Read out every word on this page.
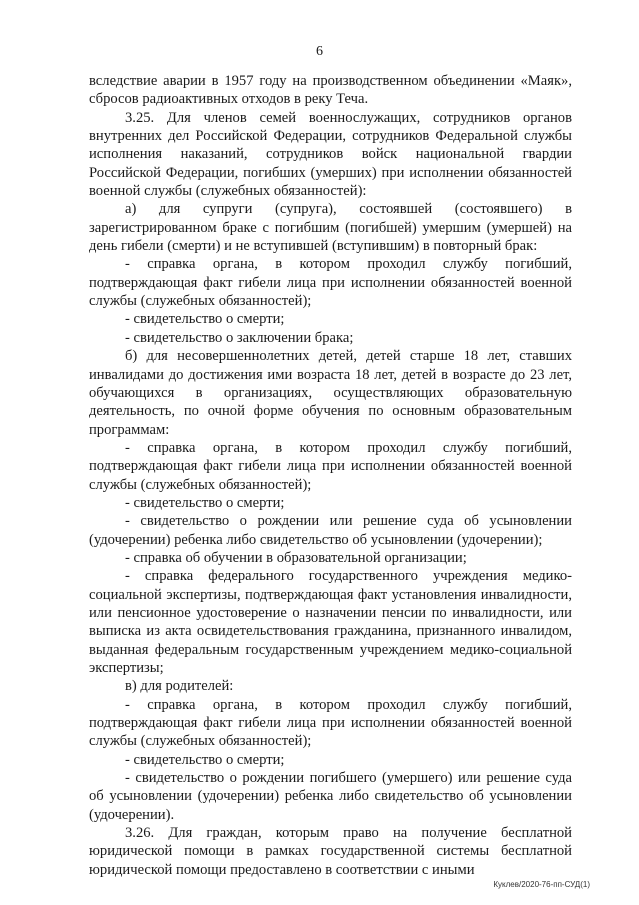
6

вследствие аварии в 1957 году на производственном объединении «Маяк», сбросов радиоактивных отходов в реку Теча.

3.25. Для членов семей военнослужащих, сотрудников органов внутренних дел Российской Федерации, сотрудников Федеральной службы исполнения наказаний, сотрудников войск национальной гвардии Российской Федерации, погибших (умерших) при исполнении обязанностей военной службы (служебных обязанностей):

а) для супруги (супруга), состоявшей (состоявшего) в зарегистрированном браке с погибшим (погибшей) умершим (умершей) на день гибели (смерти) и не вступившей (вступившим) в повторный брак:

- справка органа, в котором проходил службу погибший, подтверждающая факт гибели лица при исполнении обязанностей военной службы (служебных обязанностей);

- свидетельство о смерти;

- свидетельство о заключении брака;

б) для несовершеннолетних детей, детей старше 18 лет, ставших инвалидами до достижения ими возраста 18 лет, детей в возрасте до 23 лет, обучающихся в организациях, осуществляющих образовательную деятельность, по очной форме обучения по основным образовательным программам:

- справка органа, в котором проходил службу погибший, подтверждающая факт гибели лица при исполнении обязанностей военной службы (служебных обязанностей);

- свидетельство о смерти;

- свидетельство о рождении или решение суда об усыновлении (удочерении) ребенка либо свидетельство об усыновлении (удочерении);

- справка об обучении в образовательной организации;

- справка федерального государственного учреждения медико-социальной экспертизы, подтверждающая факт установления инвалидности, или пенсионное удостоверение о назначении пенсии по инвалидности, или выписка из акта освидетельствования гражданина, признанного инвалидом, выданная федеральным государственным учреждением медико-социальной экспертизы;

в) для родителей:

- справка органа, в котором проходил службу погибший, подтверждающая факт гибели лица при исполнении обязанностей военной службы (служебных обязанностей);

- свидетельство о смерти;

- свидетельство о рождении погибшего (умершего) или решение суда об усыновлении (удочерении) ребенка либо свидетельство об усыновлении (удочерении).

3.26. Для граждан, которым право на получение бесплатной юридической помощи в рамках государственной системы бесплатной юридической помощи предоставлено в соответствии с иными

Куклев/2020-76-пп-СУД(1)
